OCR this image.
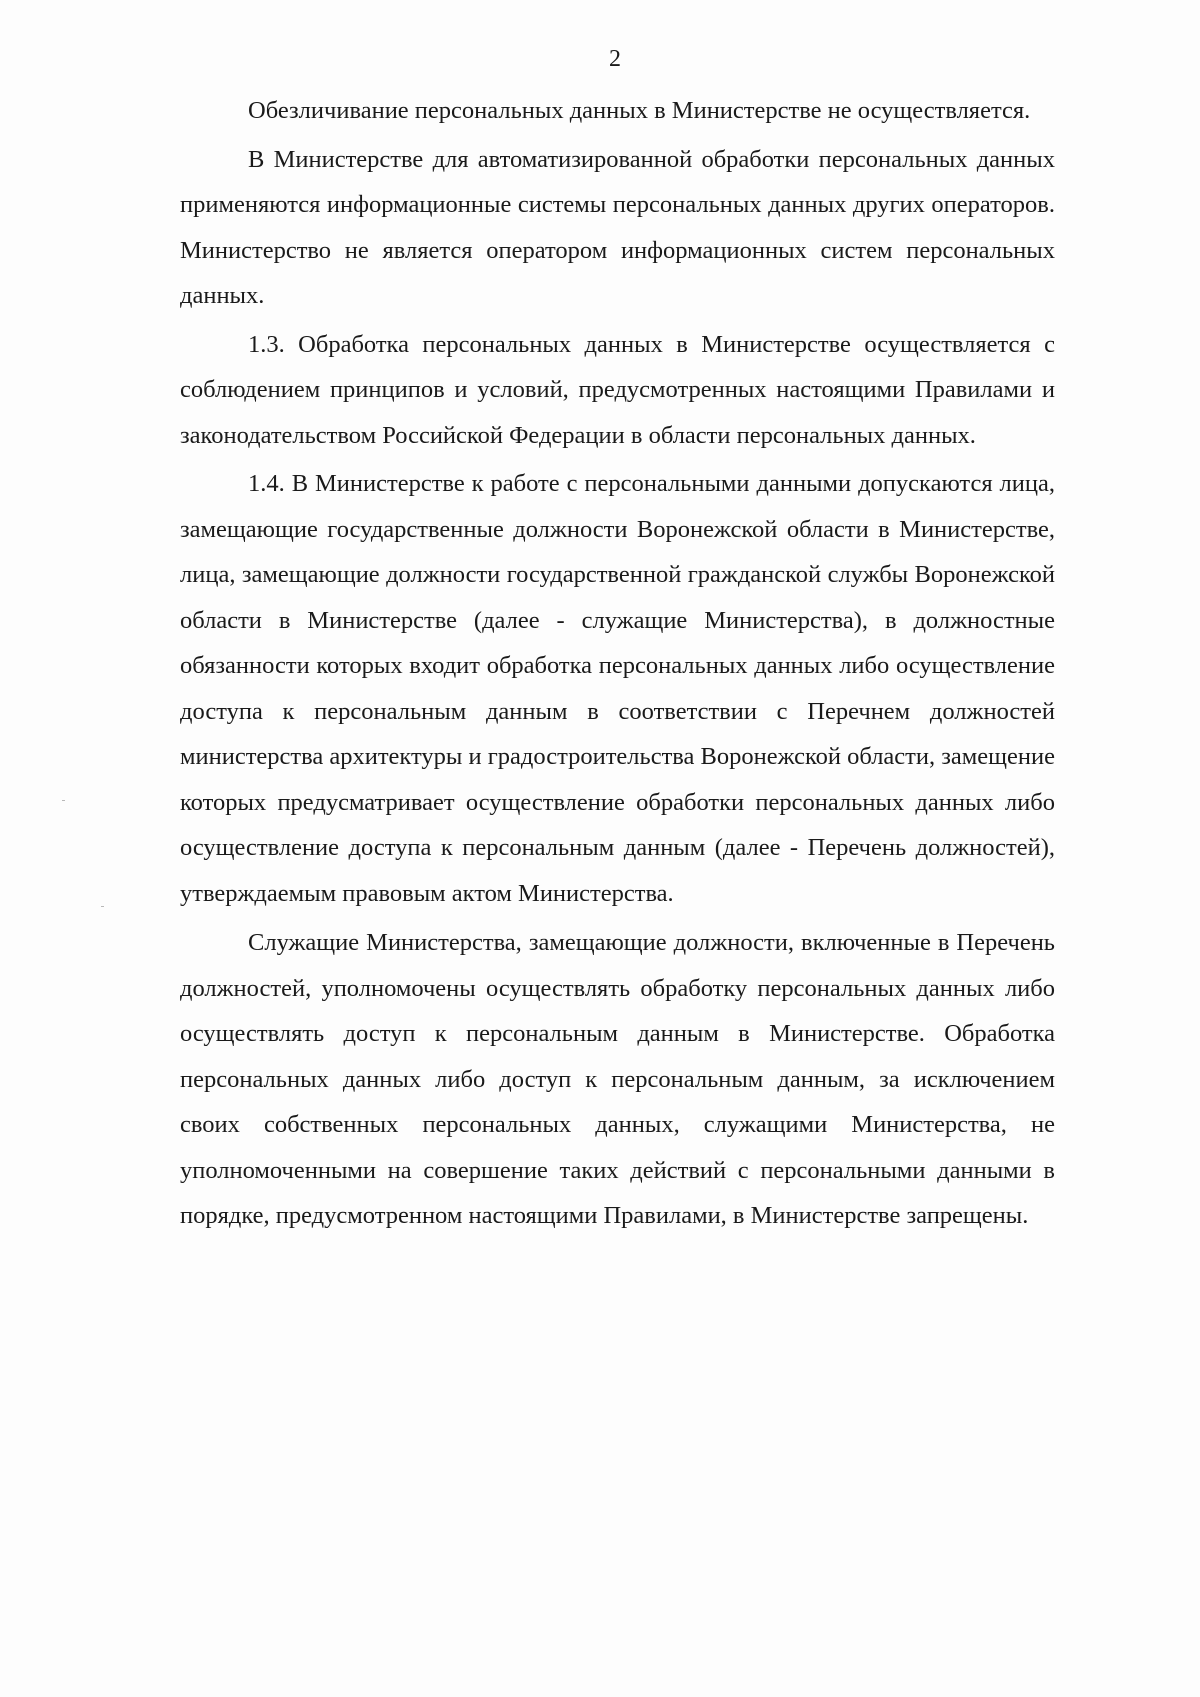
2

Обезличивание персональных данных в Министерстве не осуществляется.

В Министерстве для автоматизированной обработки персональных данных применяются информационные системы персональных данных других операторов. Министерство не является оператором информационных систем персональных данных.

1.3. Обработка персональных данных в Министерстве осуществляется с соблюдением принципов и условий, предусмотренных настоящими Правилами и законодательством Российской Федерации в области персональных данных.

1.4. В Министерстве к работе с персональными данными допускаются лица, замещающие государственные должности Воронежской области в Министерстве, лица, замещающие должности государственной гражданской службы Воронежской области в Министерстве (далее - служащие Министерства), в должностные обязанности которых входит обработка персональных данных либо осуществление доступа к персональным данным в соответствии с Перечнем должностей министерства архитектуры и градостроительства Воронежской области, замещение которых предусматривает осуществление обработки персональных данных либо осуществление доступа к персональным данным (далее - Перечень должностей), утверждаемым правовым актом Министерства.

Служащие Министерства, замещающие должности, включенные в Перечень должностей, уполномочены осуществлять обработку персональных данных либо осуществлять доступ к персональным данным в Министерстве. Обработка персональных данных либо доступ к персональным данным, за исключением своих собственных персональных данных, служащими Министерства, не уполномоченными на совершение таких действий с персональными данными в порядке, предусмотренном настоящими Правилами, в Министерстве запрещены.
